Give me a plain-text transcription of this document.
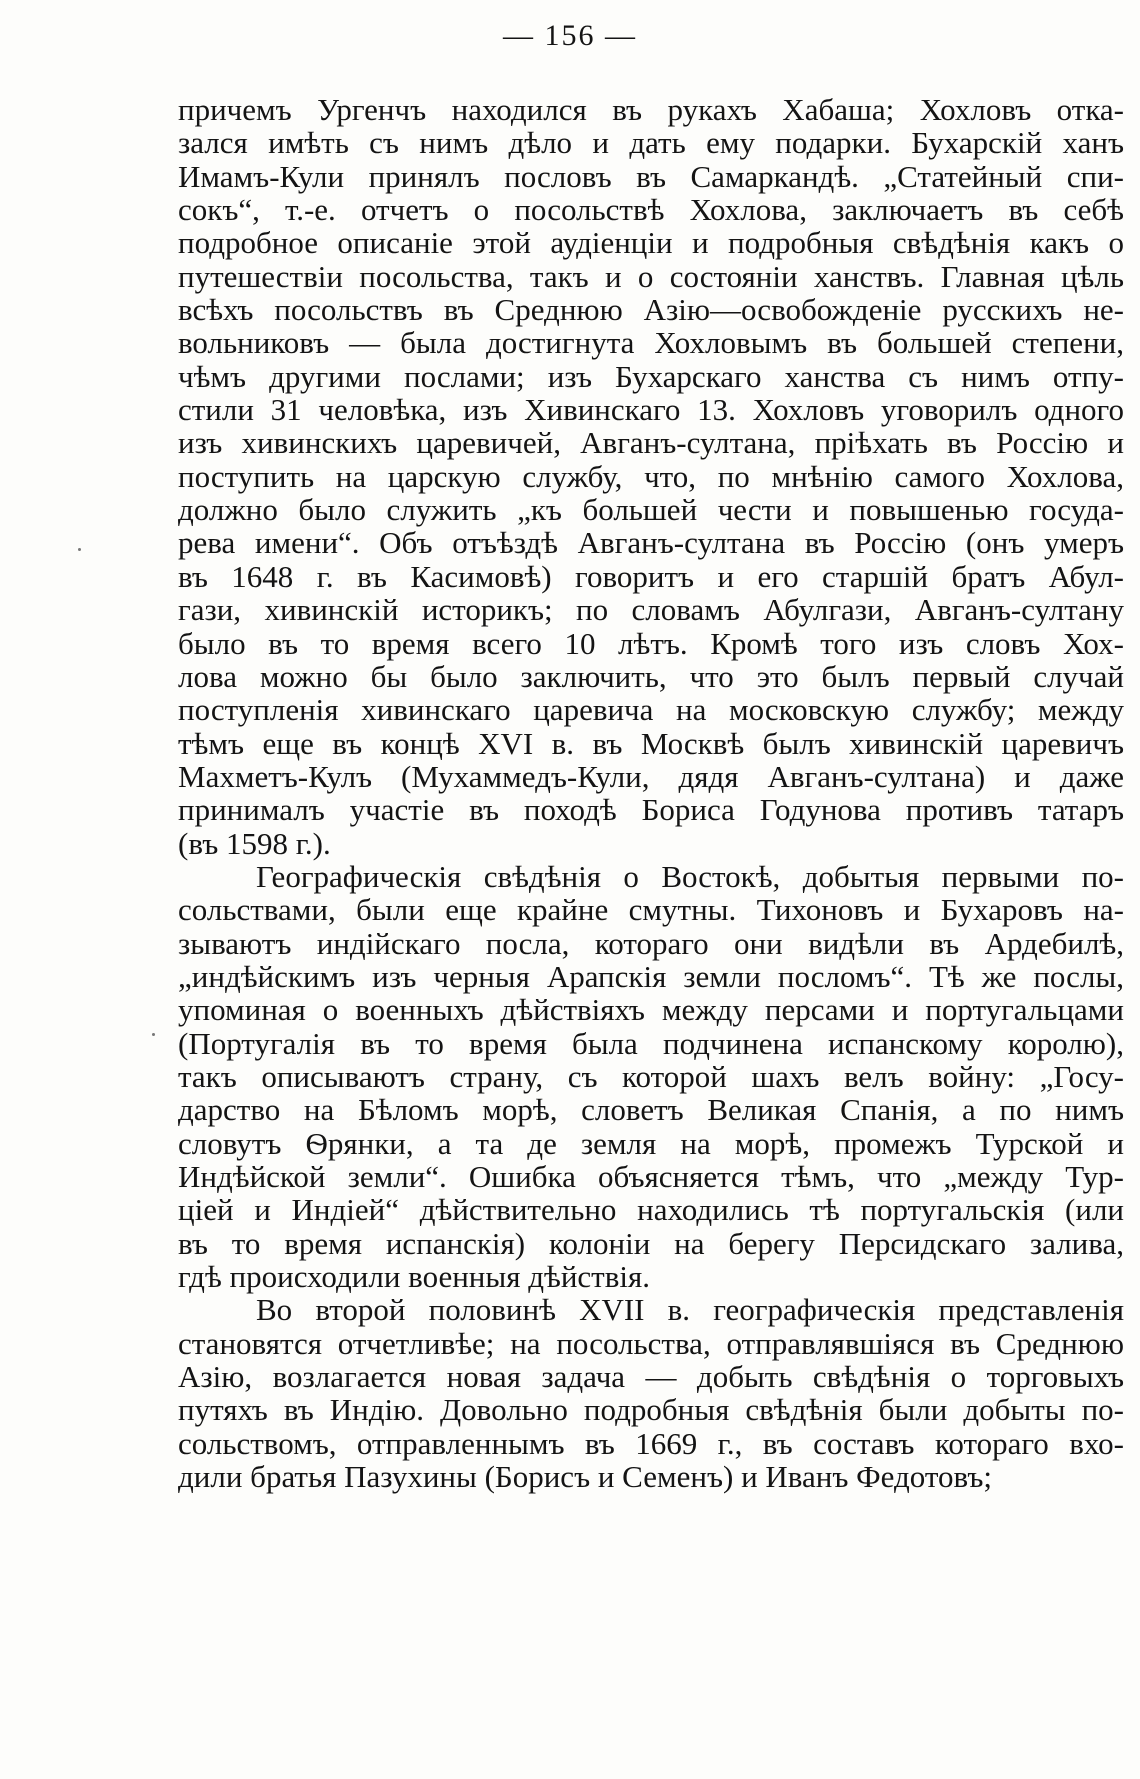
— 156 —
причемъ Ургенчъ находился въ рукахъ Хабаша; Хохловъ отка-
зался имѣть съ нимъ дѣло и дать ему подарки. Бухарскій ханъ
Имамъ-Кули принялъ пословъ въ Самаркандѣ. „Статейный спи-
сокъ“, т.-е. отчетъ о посольствѣ Хохлова, заключаетъ въ себѣ
подробное описаніе этой аудіенціи и подробныя свѣдѣнія какъ о
путешествіи посольства, такъ и о состояніи ханствъ. Главная цѣль
всѣхъ посольствъ въ Среднюю Азію—освобожденіе русскихъ не-
вольниковъ — была достигнута Хохловымъ въ большей степени,
чѣмъ другими послами; изъ Бухарскаго ханства съ нимъ отпу-
стили 31 человѣка, изъ Хивинскаго 13. Хохловъ уговорилъ одного
изъ хивинскихъ царевичей, Авганъ-султана, пріѣхать въ Россію и
поступить на царскую службу, что, по мнѣнію самого Хохлова,
должно было служить „къ большей чести и повышенью госуда-
рева имени“. Объ отъѣздѣ Авганъ-султана въ Россію (онъ умеръ
въ 1648 г. въ Касимовѣ) говоритъ и его старшій братъ Абул-
гази, хивинскій историкъ; по словамъ Абулгази, Авганъ-султану
было въ то время всего 10 лѣтъ. Кромѣ того изъ словъ Хох-
лова можно бы было заключить, что это былъ первый случай
поступленія хивинскаго царевича на московскую службу; между
тѣмъ еще въ концѣ XVI в. въ Москвѣ былъ хивинскій царевичъ
Махметъ-Кулъ (Мухаммедъ-Кули, дядя Авганъ-султана) и даже
принималъ участіе въ походѣ Бориса Годунова противъ татаръ
(въ 1598 г.).
Географическія свѣдѣнія о Востокѣ, добытыя первыми по-
сольствами, были еще крайне смутны. Тихоновъ и Бухаровъ на-
зываютъ индійскаго посла, котораго они видѣли въ Ардебилѣ,
„индѣйскимъ изъ черныя Арапскія земли посломъ“. Тѣ же послы,
упоминая о военныхъ дѣйствіяхъ между персами и португальцами
(Португалія въ то время была подчинена испанскому королю),
такъ описываютъ страну, съ которой шахъ велъ войну: „Госу-
дарство на Бѣломъ морѣ, словетъ Великая Спанія, а по нимъ
словутъ Ѳрянки, а та де земля на морѣ, промежъ Турской и
Индѣйской земли“. Ошибка объясняется тѣмъ, что „между Тур-
ціей и Индіей“ дѣйствительно находились тѣ португальскія (или
въ то время испанскія) колоніи на берегу Персидскаго залива,
гдѣ происходили военныя дѣйствія.
Во второй половинѣ XVII в. географическія представленія
становятся отчетливѣе; на посольства, отправлявшіяся въ Среднюю
Азію, возлагается новая задача — добыть свѣдѣнія о торговыхъ
путяхъ въ Индію. Довольно подробныя свѣдѣнія были добыты по-
сольствомъ, отправленнымъ въ 1669 г., въ составъ котораго вхо-
дили братья Пазухины (Борисъ и Семенъ) и Иванъ Федотовъ;
